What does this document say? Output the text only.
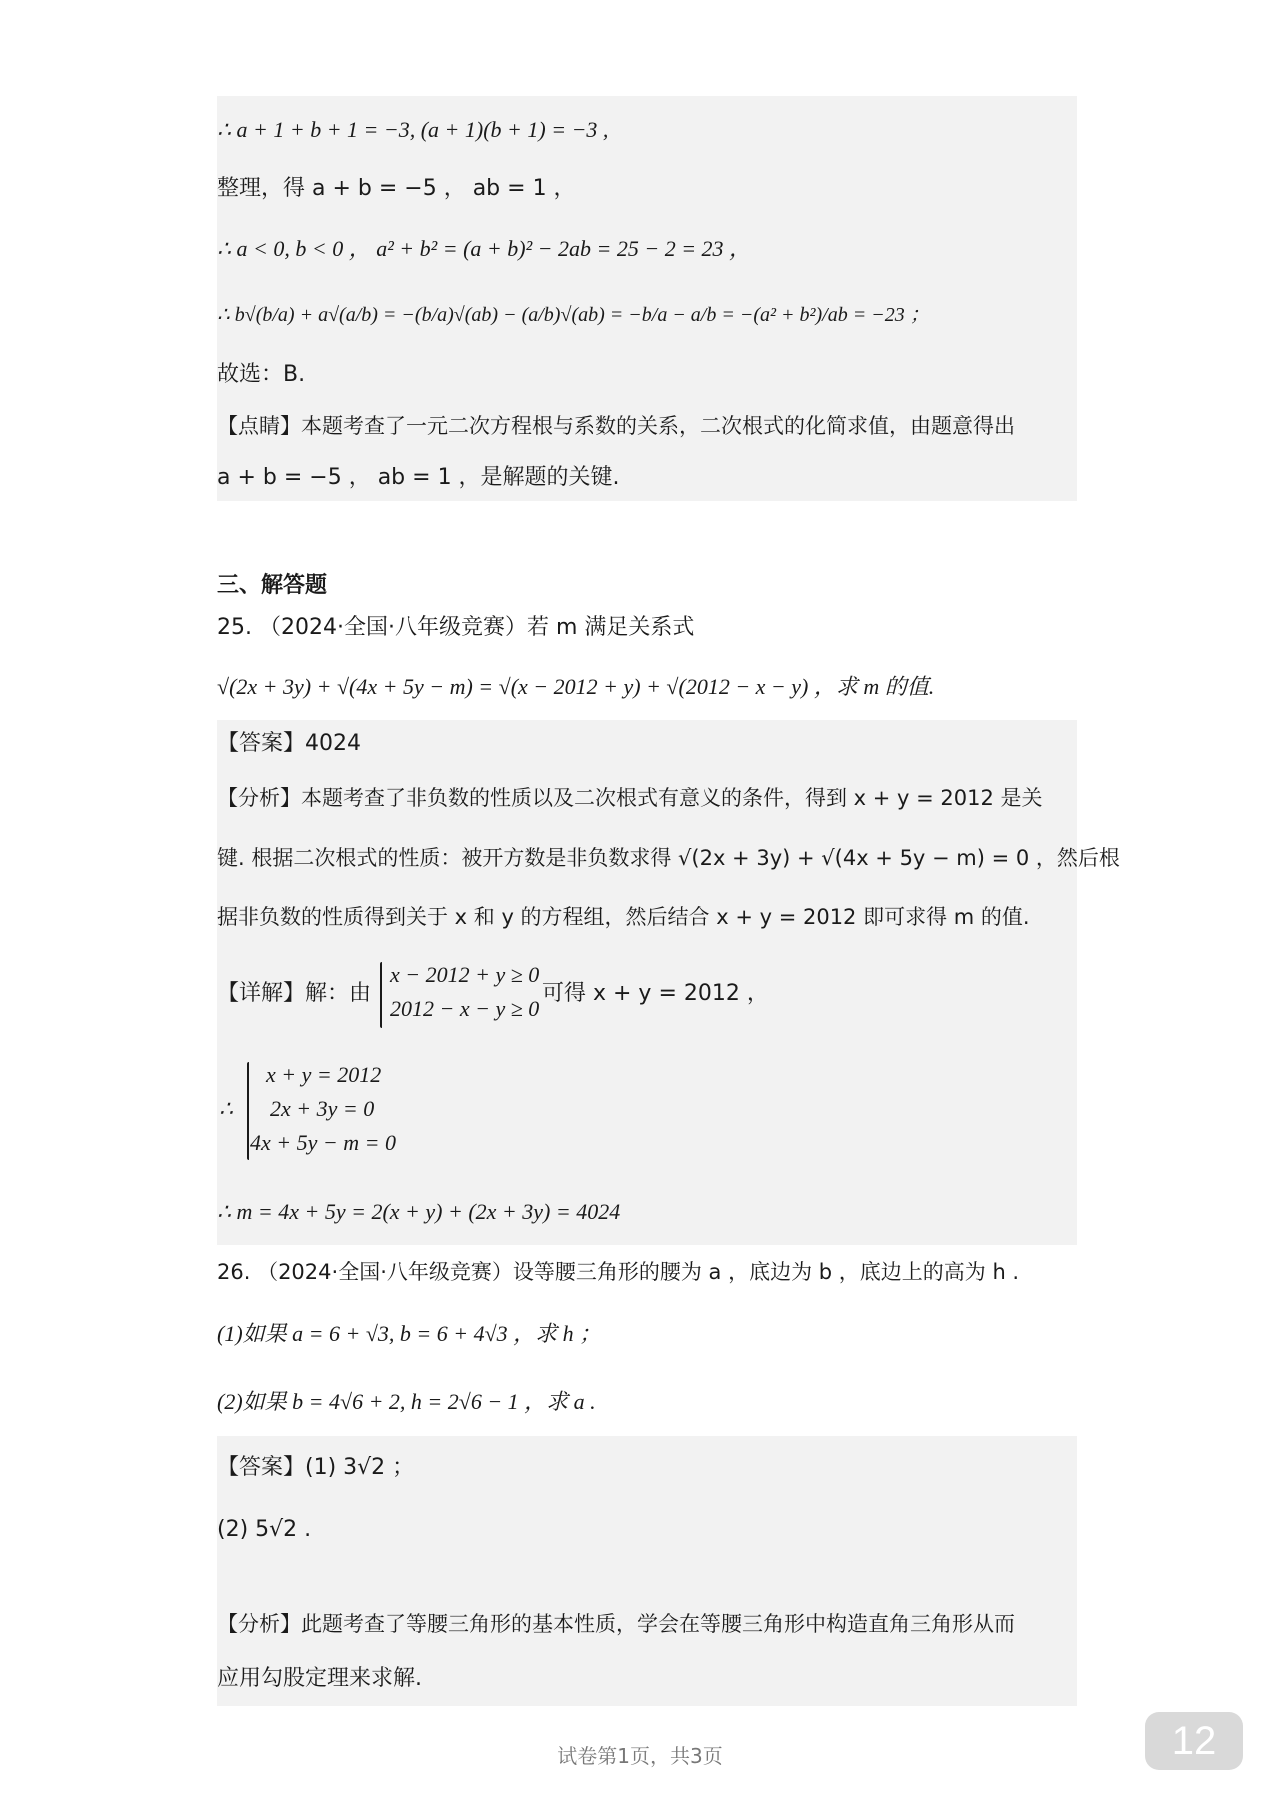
∴ a + 1 + b + 1 = −3, (a + 1)(b + 1) = −3 ,
整理，得 a + b = −5 ， ab = 1 ，
∴ a < 0, b < 0 ， a² + b² = (a + b)² − 2ab = 25 − 2 = 23 ，
∴ b√(b/a) + a√(a/b) = −(b/a)√(ab) − (a/b)√(ab) = −b/a − a/b = −(a² + b²)/ab = −23 ；
故选：B.
【点睛】本题考查了一元二次方程根与系数的关系，二次根式的化简求值，由题意得出
a + b = −5 ， ab = 1 ，是解题的关键.
三、解答题
25. （2024·全国·八年级竞赛）若 m 满足关系式
√(2x + 3y) + √(4x + 5y − m) = √(x − 2012 + y) + √(2012 − x − y) ，求 m 的值.
【答案】4024
【分析】本题考查了非负数的性质以及二次根式有意义的条件，得到 x + y = 2012 是关
键. 根据二次根式的性质：被开方数是非负数求得 √(2x + 3y) + √(4x + 5y − m) = 0 ，然后根
据非负数的性质得到关于 x 和 y 的方程组，然后结合 x + y = 2012 即可求得 m 的值.
【详解】解：由
x − 2012 + y ≥ 0
2012 − x − y ≥ 0
可得 x + y = 2012 ，
∴
x + y = 2012
2x + 3y = 0
4x + 5y − m = 0
∴ m = 4x + 5y = 2(x + y) + (2x + 3y) = 4024
26. （2024·全国·八年级竞赛）设等腰三角形的腰为 a ，底边为 b ，底边上的高为 h .
(1)如果 a = 6 + √3, b = 6 + 4√3 ，求 h ；
(2)如果 b = 4√6 + 2, h = 2√6 − 1 ，求 a .
【答案】(1) 3√2 ；
(2) 5√2 .
【分析】此题考查了等腰三角形的基本性质，学会在等腰三角形中构造直角三角形从而
应用勾股定理来求解.
试卷第1页，共3页	12
